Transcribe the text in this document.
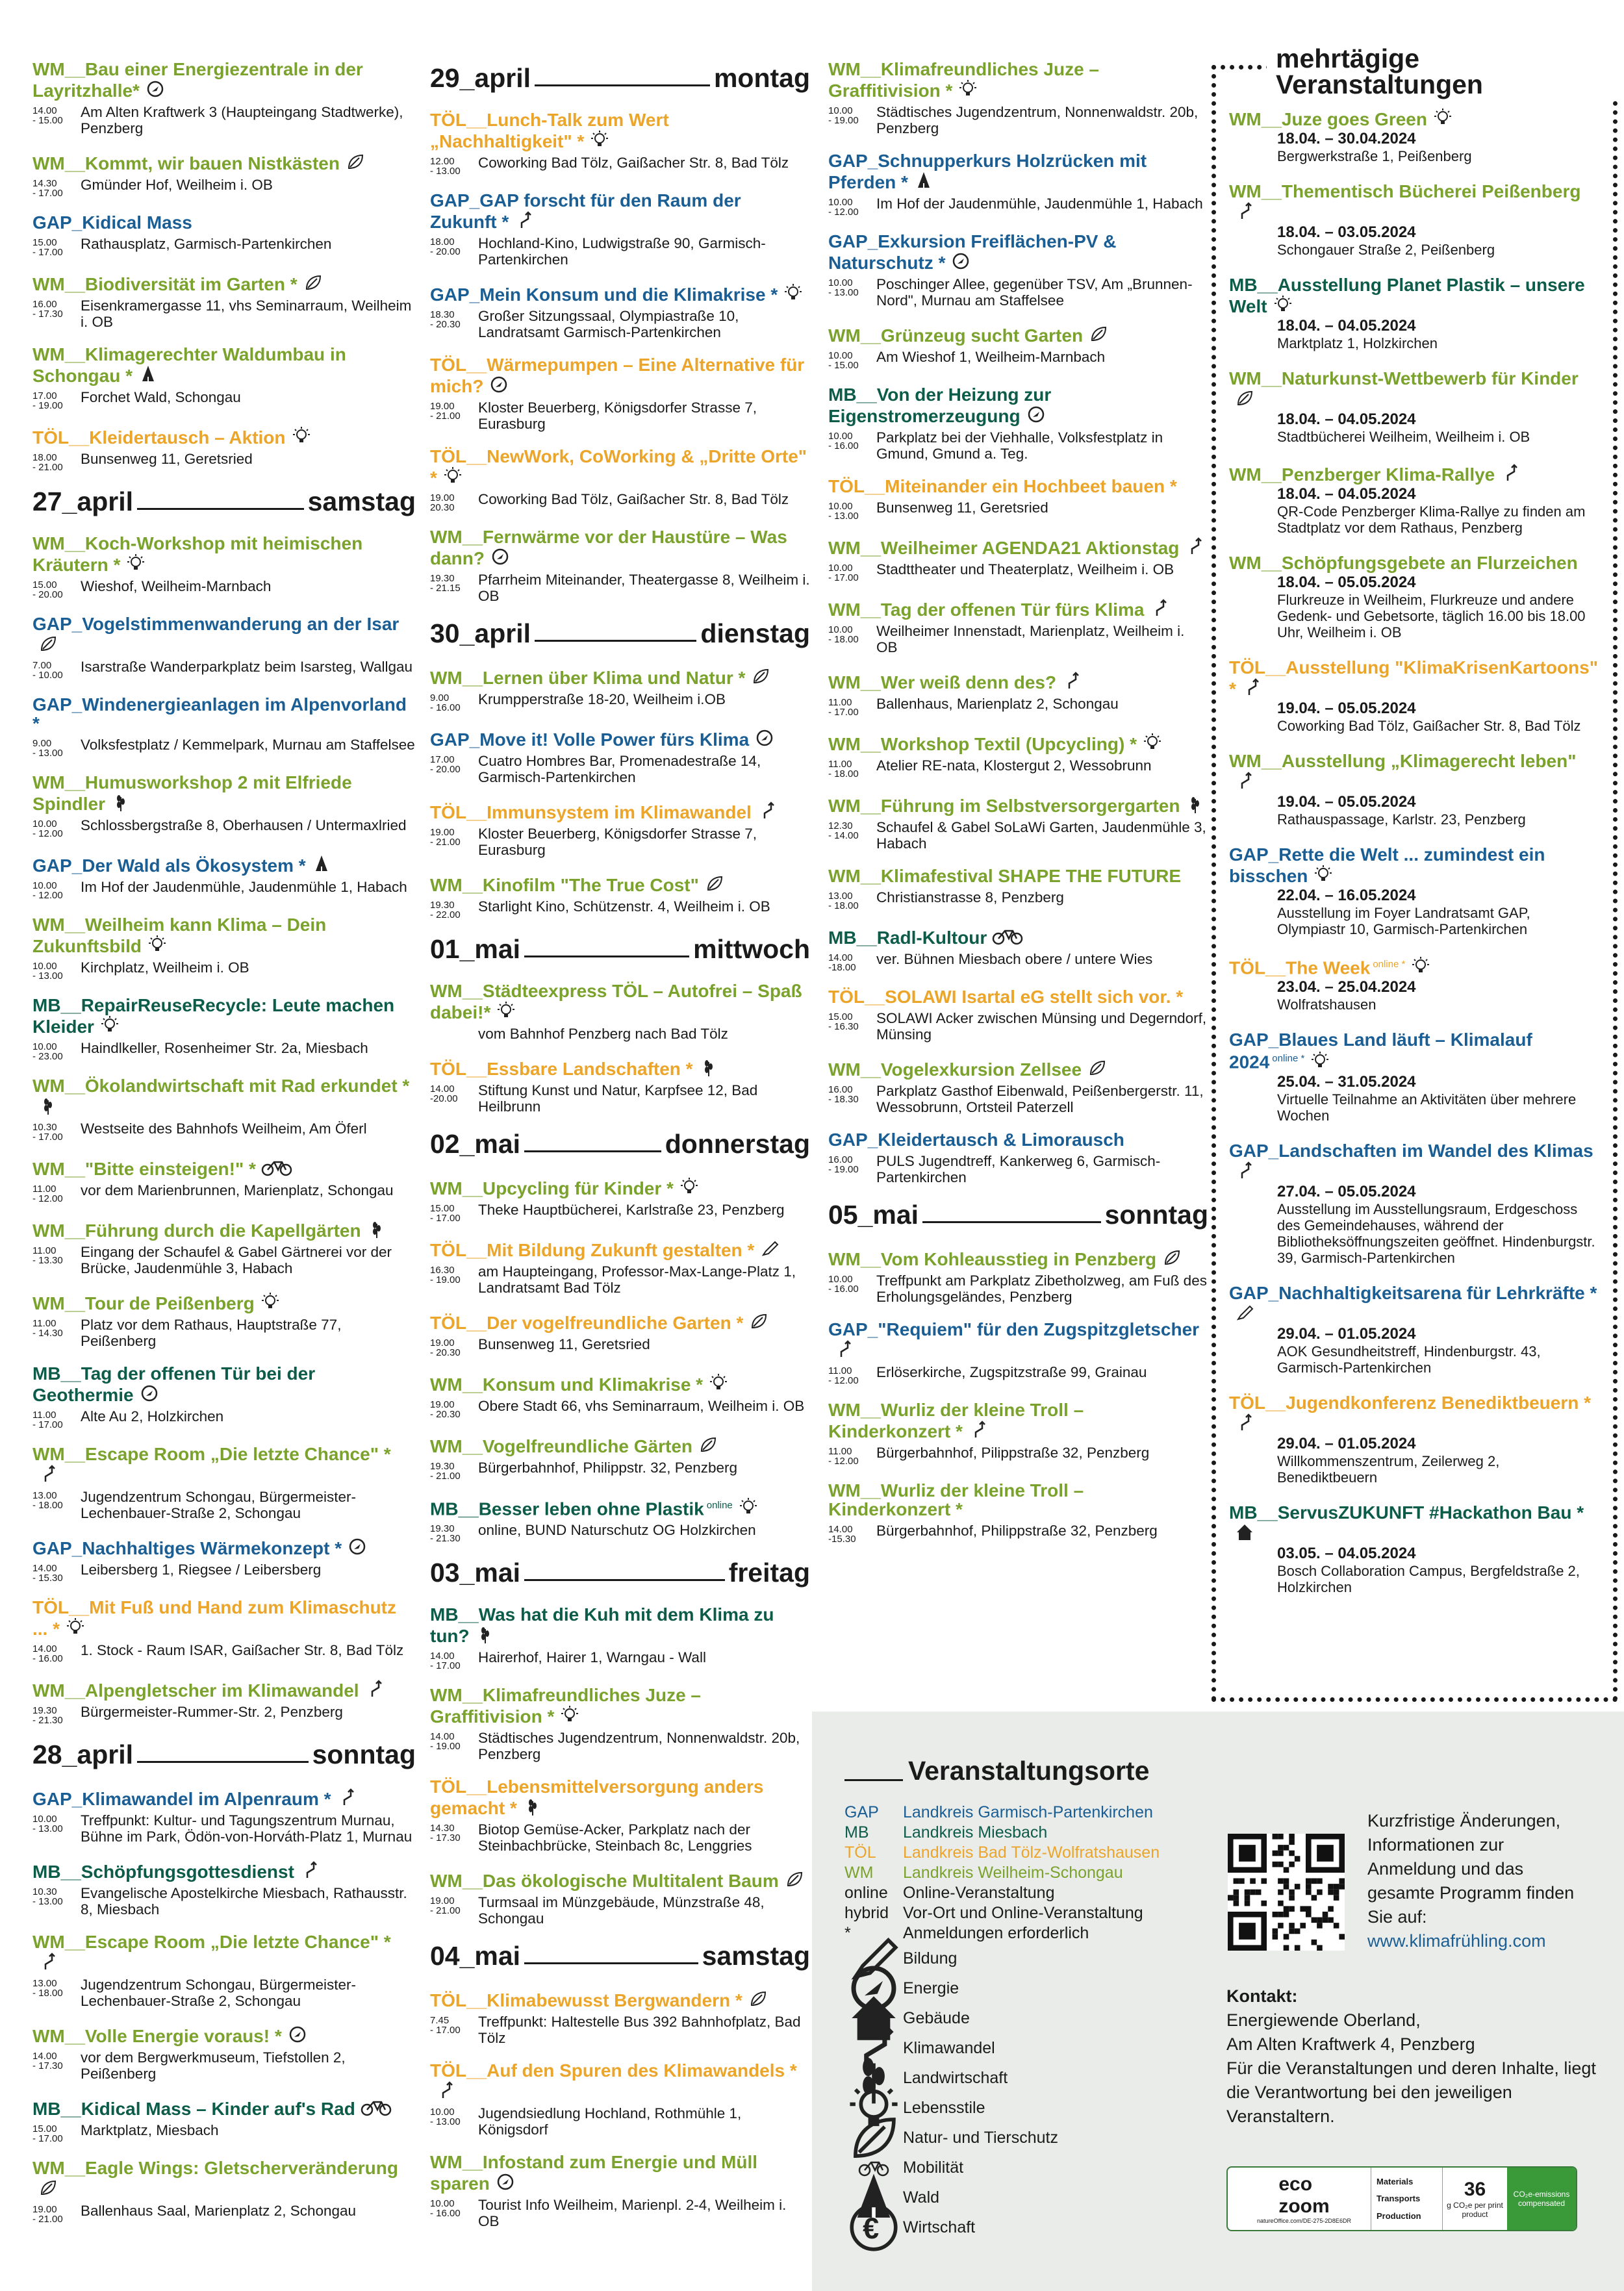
WM__Bau einer Energiezentrale in der Layritzhalle*
14.00
- 15.00
Am Alten Kraftwerk 3 (Haupteingang Stadtwerke), Penzberg
WM__Kommt, wir bauen Nistkästen
14.30
- 17.00
Gmünder Hof, Weilheim i. OB
GAP_Kidical Mass
15.00
- 17.00
Rathausplatz, Garmisch-Partenkirchen
WM__Biodiversität im Garten *
16.00
- 17.30
Eisenkramergasse 11, vhs Seminarraum, Weilheim i. OB
WM__Klimagerechter Waldumbau in Schongau *
17.00
- 19.00
Forchet Wald, Schongau
TÖL__Kleidertausch – Aktion
18.00
- 21.00
Bunsenweg 11, Geretsried
27_april	samstag
WM__Koch-Workshop mit heimischen Kräutern *
15.00
- 20.00
Wieshof, Weilheim-Marnbach
GAP_Vogelstimmenwanderung an der Isar
7.00
- 10.00
Isarstraße Wanderparkplatz beim Isarsteg, Wallgau
GAP_Windenergieanlagen im Alpenvorland *
9.00
- 13.00
Volksfestplatz / Kemmelpark, Murnau am Staffelsee
WM__Humusworkshop 2 mit Elfriede Spindler
10.00
- 12.00
Schlossbergstraße 8, Oberhausen / Untermaxlried
GAP_Der Wald als Ökosystem *
10.00
- 12.00
Im Hof der Jaudenmühle, Jaudenmühle 1, Habach
WM__Weilheim kann Klima – Dein Zukunftsbild
10.00
- 13.00
Kirchplatz, Weilheim i. OB
MB__RepairReuseRecycle: Leute machen Kleider
10.00
- 23.00
Haindlkeller, Rosenheimer Str. 2a, Miesbach
WM__Ökolandwirtschaft mit Rad erkundet *
10.30
- 17.00
Westseite des Bahnhofs Weilheim, Am Öferl
WM__"Bitte einsteigen!" *
11.00
- 12.00
vor dem Marienbrunnen, Marienplatz, Schongau
WM__Führung durch die Kapellgärten
11.00
- 13.30
Eingang der Schaufel & Gabel Gärtnerei vor der Brücke, Jaudenmühle 3, Habach
WM__Tour de Peißenberg
11.00
- 14.30
Platz vor dem Rathaus, Hauptstraße 77, Peißenberg
MB__Tag der offenen Tür bei der Geothermie
11.00
- 17.00
Alte Au 2, Holzkirchen
WM__Escape Room „Die letzte Chance" *
13.00
- 18.00
Jugendzentrum Schongau, Bürgermeister-Lechenbauer-Straße 2, Schongau
GAP_Nachhaltiges Wärmekonzept *
14.00
- 15.30
Leibersberg 1, Riegsee / Leibersberg
TÖL__Mit Fuß und Hand zum Klimaschutz ... *
14.00
- 16.00
1. Stock - Raum ISAR, Gaißacher Str. 8, Bad Tölz
WM__Alpengletscher im Klimawandel
19.30
- 21.30
Bürgermeister-Rummer-Str. 2, Penzberg
28_april	sonntag
GAP_Klimawandel im Alpenraum *
10.00
- 13.00
Treffpunkt: Kultur- und Tagungszentrum Murnau, Bühne im Park, Ödön-von-Horváth-Platz 1, Murnau
MB__Schöpfungsgottesdienst
10.30
- 13.00
Evangelische Apostelkirche Miesbach, Rathausstr. 8, Miesbach
WM__Escape Room „Die letzte Chance" *
13.00
- 18.00
Jugendzentrum Schongau, Bürgermeister-Lechenbauer-Straße 2, Schongau
WM__Volle Energie voraus! *
14.00
- 17.30
vor dem Bergwerkmuseum, Tiefstollen 2, Peißenberg
MB__Kidical Mass – Kinder auf's Rad
15.00
- 17.00
Marktplatz, Miesbach
WM__Eagle Wings: Gletscherveränderung
19.00
- 21.00
Ballenhaus Saal, Marienplatz 2, Schongau
29_april	montag
TÖL__Lunch-Talk zum Wert „Nachhaltigkeit" *
12.00
- 13.00
Coworking Bad Tölz, Gaißacher Str. 8, Bad Tölz
GAP_GAP forscht für den Raum der Zukunft *
18.00
- 20.00
Hochland-Kino, Ludwigstraße 90, Garmisch-Partenkirchen
GAP_Mein Konsum und die Klimakrise *
18.30
- 20.30
Großer Sitzungssaal, Olympiastraße 10, Landratsamt Garmisch-Partenkirchen
TÖL__Wärmepumpen – Eine Alternative für mich?
19.00
- 21.00
Kloster Beuerberg, Königsdorfer Strasse 7, Eurasburg
TÖL__NewWork, CoWorking & „Dritte Orte" *
19.00
20.30
Coworking Bad Tölz, Gaißacher Str. 8, Bad Tölz
WM__Fernwärme vor der Haustüre – Was dann?
19.30
- 21.15
Pfarrheim Miteinander, Theatergasse 8, Weilheim i. OB
30_april	dienstag
WM__Lernen über Klima und Natur *
9.00
- 16.00
Krumpperstraße 18-20, Weilheim i.OB
GAP_Move it! Volle Power fürs Klima
17.00
- 20.00
Cuatro Hombres Bar, Promenadestraße 14, Garmisch-Partenkirchen
TÖL__Immunsystem im Klimawandel
19.00
- 21.00
Kloster Beuerberg, Königsdorfer Strasse 7, Eurasburg
WM__Kinofilm "The True Cost"
19.30
- 22.00
Starlight Kino, Schützenstr. 4, Weilheim i. OB
01_mai	mittwoch
WM__Städteexpress TÖL – Autofrei – Spaß dabei!*
vom Bahnhof Penzberg nach Bad Tölz
TÖL__Essbare Landschaften *
14.00
-20.00
Stiftung Kunst und Natur, Karpfsee 12, Bad Heilbrunn
02_mai	donnerstag
WM__Upcycling für Kinder *
15.00
- 17.00
Theke Hauptbücherei, Karlstraße 23, Penzberg
TÖL__Mit Bildung Zukunft gestalten *
16.30
- 19.00
am Haupteingang, Professor-Max-Lange-Platz 1, Landratsamt Bad Tölz
TÖL__Der vogelfreundliche Garten *
19.00
- 20.30
Bunsenweg 11, Geretsried
WM__Konsum und Klimakrise *
19.00
- 20.30
Obere Stadt 66, vhs Seminarraum, Weilheim i. OB
WM__Vogelfreundliche Gärten
19.30
- 21.00
Bürgerbahnhof, Philippstr. 32, Penzberg
MB__Besser leben ohne Plastik $^{online}$
19.30
- 21.30
online, BUND Naturschutz OG Holzkirchen
03_mai	freitag
MB__Was hat die Kuh mit dem Klima zu tun?
14.00
- 17.00
Hairerhof, Hairer 1, Warngau - Wall
WM__Klimafreundliches Juze – Graffitivision *
14.00
- 19.00
Städtisches Jugendzentrum, Nonnenwaldstr. 20b, Penzberg
TÖL__Lebensmittelversorgung anders gemacht *
14.30
- 17.30
Biotop Gemüse-Acker, Parkplatz nach der Steinbachbrücke, Steinbach 8c, Lenggries
WM__Das ökologische Multitalent Baum
19.00
- 21.00
Turmsaal im Münzgebäude, Münzstraße 48, Schongau
04_mai	samstag
TÖL__Klimabewusst Bergwandern *
7.45
- 17.00
Treffpunkt: Haltestelle Bus 392 Bahnhofplatz, Bad Tölz
TÖL__Auf den Spuren des Klimawandels *
10.00
- 13.00
Jugendsiedlung Hochland, Rothmühle 1, Königsdorf
WM__Infostand zum Energie und Müll sparen
10.00
- 16.00
Tourist Info Weilheim, Marienpl. 2-4, Weilheim i. OB
WM__Klimafreundliches Juze – Graffitivision *
10.00
- 19.00
Städtisches Jugendzentrum, Nonnenwaldstr. 20b, Penzberg
GAP_Schnupperkurs Holzrücken mit Pferden *
10.00
- 12.00
Im Hof der Jaudenmühle, Jaudenmühle 1, Habach
GAP_Exkursion Freiflächen-PV & Naturschutz *
10.00
- 13.00
Poschinger Allee, gegenüber TSV, Am „Brunnen-Nord", Murnau am Staffelsee
WM__Grünzeug sucht Garten
10.00
- 15.00
Am Wieshof 1, Weilheim-Marnbach
MB__Von der Heizung zur Eigenstromerzeugung
10.00
- 16.00
Parkplatz bei der Viehhalle, Volksfestplatz in Gmund, Gmund a. Teg.
TÖL__Miteinander ein Hochbeet bauen *
10.00
- 13.00
Bunsenweg 11, Geretsried
WM__Weilheimer AGENDA21 Aktionstag
10.00
- 17.00
Stadttheater und Theaterplatz, Weilheim i. OB
WM__Tag der offenen Tür fürs Klima
10.00
- 18.00
Weilheimer Innenstadt, Marienplatz, Weilheim i. OB
WM__Wer weiß denn des?
11.00
- 17.00
Ballenhaus, Marienplatz 2, Schongau
WM__Workshop Textil (Upcycling) *
11.00
- 18.00
Atelier RE-nata, Klostergut 2, Wessobrunn
WM__Führung im Selbstversorgergarten
12.30
- 14.00
Schaufel & Gabel SoLaWi Garten, Jaudenmühle 3, Habach
WM__Klimafestival SHAPE THE FUTURE
13.00
- 18.00
Christianstrasse 8, Penzberg
MB__Radl-Kultour
14.00
-18.00
ver. Bühnen Miesbach obere / untere Wies
TÖL__SOLAWI Isartal eG stellt sich vor. *
15.00
- 16.30
SOLAWI Acker zwischen Münsing und Degerndorf, Münsing
WM__Vogelexkursion Zellsee
16.00
- 18.30
Parkplatz Gasthof Eibenwald, Peißenbergerstr. 11, Wessobrunn, Ortsteil Paterzell
GAP_Kleidertausch & Limorausch
16.00
- 19.00
PULS Jugendtreff, Kankerweg 6, Garmisch-Partenkirchen
05_mai	sonntag
WM__Vom Kohleausstieg in Penzberg
10.00
- 16.00
Treffpunkt am Parkplatz Zibetholzweg, am Fuß des Erholungsgeländes, Penzberg
GAP_"Requiem" für den Zugspitzgletscher
11.00
- 12.00
Erlöserkirche, Zugspitzstraße 99, Grainau
WM__Wurliz der kleine Troll – Kinderkonzert *
11.00
- 12.00
Bürgerbahnhof, Pilippstraße 32, Penzberg
WM__Wurliz der kleine Troll – Kinderkonzert *
14.00
-15.30
Bürgerbahnhof, Philippstraße 32, Penzberg
WM__Juze goes Green
18.04. – 30.04.2024
Bergwerkstraße 1, Peißenberg
WM__Thementisch Bücherei Peißenberg
18.04. – 03.05.2024
Schongauer Straße 2, Peißenberg
MB__Ausstellung Planet Plastik – unsere Welt
18.04. – 04.05.2024
Marktplatz 1, Holzkirchen
WM__Naturkunst-Wettbewerb für Kinder
18.04. – 04.05.2024
Stadtbücherei Weilheim, Weilheim i. OB
WM__Penzberger Klima-Rallye
18.04. – 04.05.2024
QR-Code Penzberger Klima-Rallye zu finden am Stadtplatz vor dem Rathaus, Penzberg
WM__Schöpfungsgebete an Flurzeichen
18.04. – 05.05.2024
Flurkreuze in Weilheim, Flurkreuze und andere Gedenk- und Gebetsorte, täglich 16.00 bis 18.00 Uhr, Weilheim i. OB
TÖL__Ausstellung "KlimaKrisenKartoons" *
19.04. – 05.05.2024
Coworking Bad Tölz, Gaißacher Str. 8, Bad Tölz
WM__Ausstellung „Klimagerecht leben"
19.04. – 05.05.2024
Rathauspassage, Karlstr. 23, Penzberg
GAP_Rette die Welt ... zumindest ein bisschen
22.04. – 16.05.2024
Ausstellung im Foyer Landratsamt GAP, Olympiastr 10, Garmisch-Partenkirchen
TÖL__The Week $^{online *}$
23.04. – 25.04.2024
Wolfratshausen
GAP_Blaues Land läuft – Klimalauf 2024 $^{online *}$
25.04. – 31.05.2024
Virtuelle Teilnahme an Aktivitäten über mehrere Wochen
GAP_Landschaften im Wandel des Klimas
27.04. – 05.05.2024
Ausstellung im Ausstellungsraum, Erdgeschoss des Gemeindehauses, während der Bibliotheksöffnungszeiten geöffnet. Hindenburgstr. 39, Garmisch-Partenkirchen
GAP_Nachhaltigkeitsarena für Lehrkräfte *
29.04. – 01.05.2024
AOK Gesundheitstreff, Hindenburgstr. 43, Garmisch-Partenkirchen
TÖL__Jugendkonferenz Benediktbeuern *
29.04. – 01.05.2024
Willkommenszentrum, Zeilerweg 2, Benediktbeuern
MB__ServusZUKUNFT #Hackathon Bau *
03.05. – 04.05.2024
Bosch Collaboration Campus, Bergfeldstraße 2, Holzkirchen
mehrtägige Veranstaltungen
Veranstaltungsorte
GAP	Landkreis Garmisch-Partenkirchen
MB	Landkreis Miesbach
TÖL	Landkreis Bad Tölz-Wolfratshausen
WM	Landkreis Weilheim-Schongau
online Online-Veranstaltung
hybrid Vor-Ort und Online-Veranstaltung
*	Anmeldungen erforderlich
Bildung
Energie
Gebäude
Klimawandel
Landwirtschaft
Lebensstile
Natur- und Tierschutz
Mobilität
Wald
€ Wirtschaft
Kurzfristige Änderungen, Informationen zur Anmeldung und das gesamte Programm finden Sie auf:
www.klimafrühling.com
Kontakt:
Energiewende Oberland,
Am Alten Kraftwerk 4, Penzberg
Für die Veranstaltungen und deren Inhalte, liegt die Verantwortung bei den jeweiligen Veranstaltern.
eco
zoom
natureOffice.com/DE-275-2D8E6DR
Materials
Transports
Production
36
g CO₂e per print product
CO₂e-emissions compensated
